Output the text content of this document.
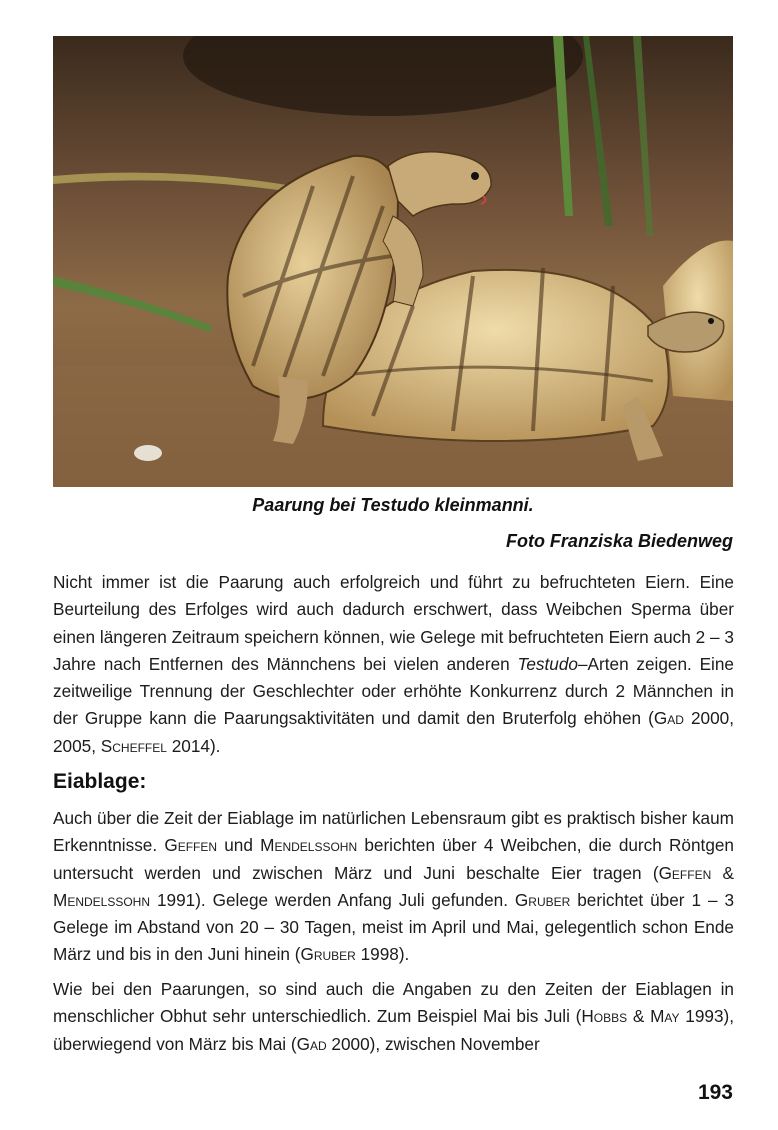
Paarung bei Testudo kleinmanni.
Foto Franziska Biedenweg

Nicht immer ist die Paarung auch erfolgreich und führt zu befruchteten Eiern. Eine Beurteilung des Erfolges wird auch dadurch erschwert, dass Weibchen Sperma über einen längeren Zeitraum speichern können, wie Gelege mit befruchteten Eiern auch 2 – 3 Jahre nach Entfernen des Männchens bei vielen anderen Testudo–Arten zeigen. Eine zeitweilige Trennung der Geschlechter oder erhöhte Konkurrenz durch 2 Männchen in der Gruppe kann die Paarungsaktivitäten und damit den Bruterfolg ehöhen (Gad 2000, 2005, Scheffel 2014).

Eiablage:

Auch über die Zeit der Eiablage im natürlichen Lebensraum gibt es praktisch bisher kaum Erkenntnisse. Geffen und Mendelssohn berichten über 4 Weibchen, die durch Röntgen untersucht werden und zwischen März und Juni beschalte Eier tragen (Geffen & Mendelssohn 1991). Gelege werden Anfang Juli gefunden. Gruber berichtet über 1 – 3 Gelege im Abstand von 20 – 30 Tagen, meist im April und Mai, gelegentlich schon Ende März und bis in den Juni hinein (Gruber 1998).

Wie bei den Paarungen, so sind auch die Angaben zu den Zeiten der Eiablagen in menschlicher Obhut sehr unterschiedlich. Zum Beispiel Mai bis Juli (Hobbs & May 1993), überwiegend von März bis Mai (Gad 2000), zwischen November

193
